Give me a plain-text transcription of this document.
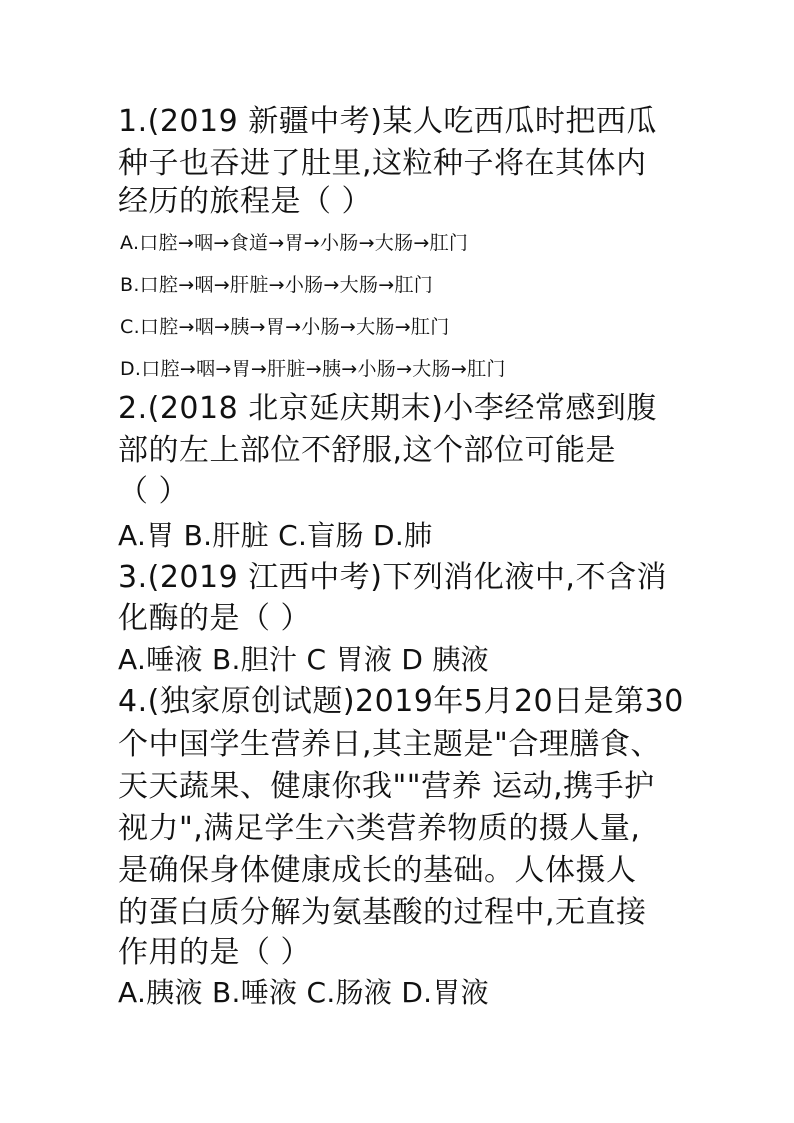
1.(2019 新疆中考)某人吃西瓜时把西瓜
种子也吞进了肚里,这粒种子将在其体内
经历的旅程是（ ）
A.口腔→咽→食道→胃→小肠→大肠→肛门
B.口腔→咽→肝脏→小肠→大肠→肛门
C.口腔→咽→胰→胃→小肠→大肠→肛门
D.口腔→咽→胃→肝脏→胰→小肠→大肠→肛门
2.(2018 北京延庆期末)小李经常感到腹
部的左上部位不舒服,这个部位可能是
（ ）
A.胃 B.肝脏 C.盲肠 D.肺
3.(2019 江西中考)下列消化液中,不含消
化酶的是（ ）
A.唾液 B.胆汁 C 胃液 D 胰液
4.(独家原创试题)2019年5月20日是第30
个中国学生营养日,其主题是"合理膳食、
天天蔬果、健康你我""营养 运动,携手护
视力",满足学生六类营养物质的摄人量,
是确保身体健康成长的基础。人体摄人
的蛋白质分解为氨基酸的过程中,无直接
作用的是（ ）
A.胰液 B.唾液 C.肠液 D.胃液
